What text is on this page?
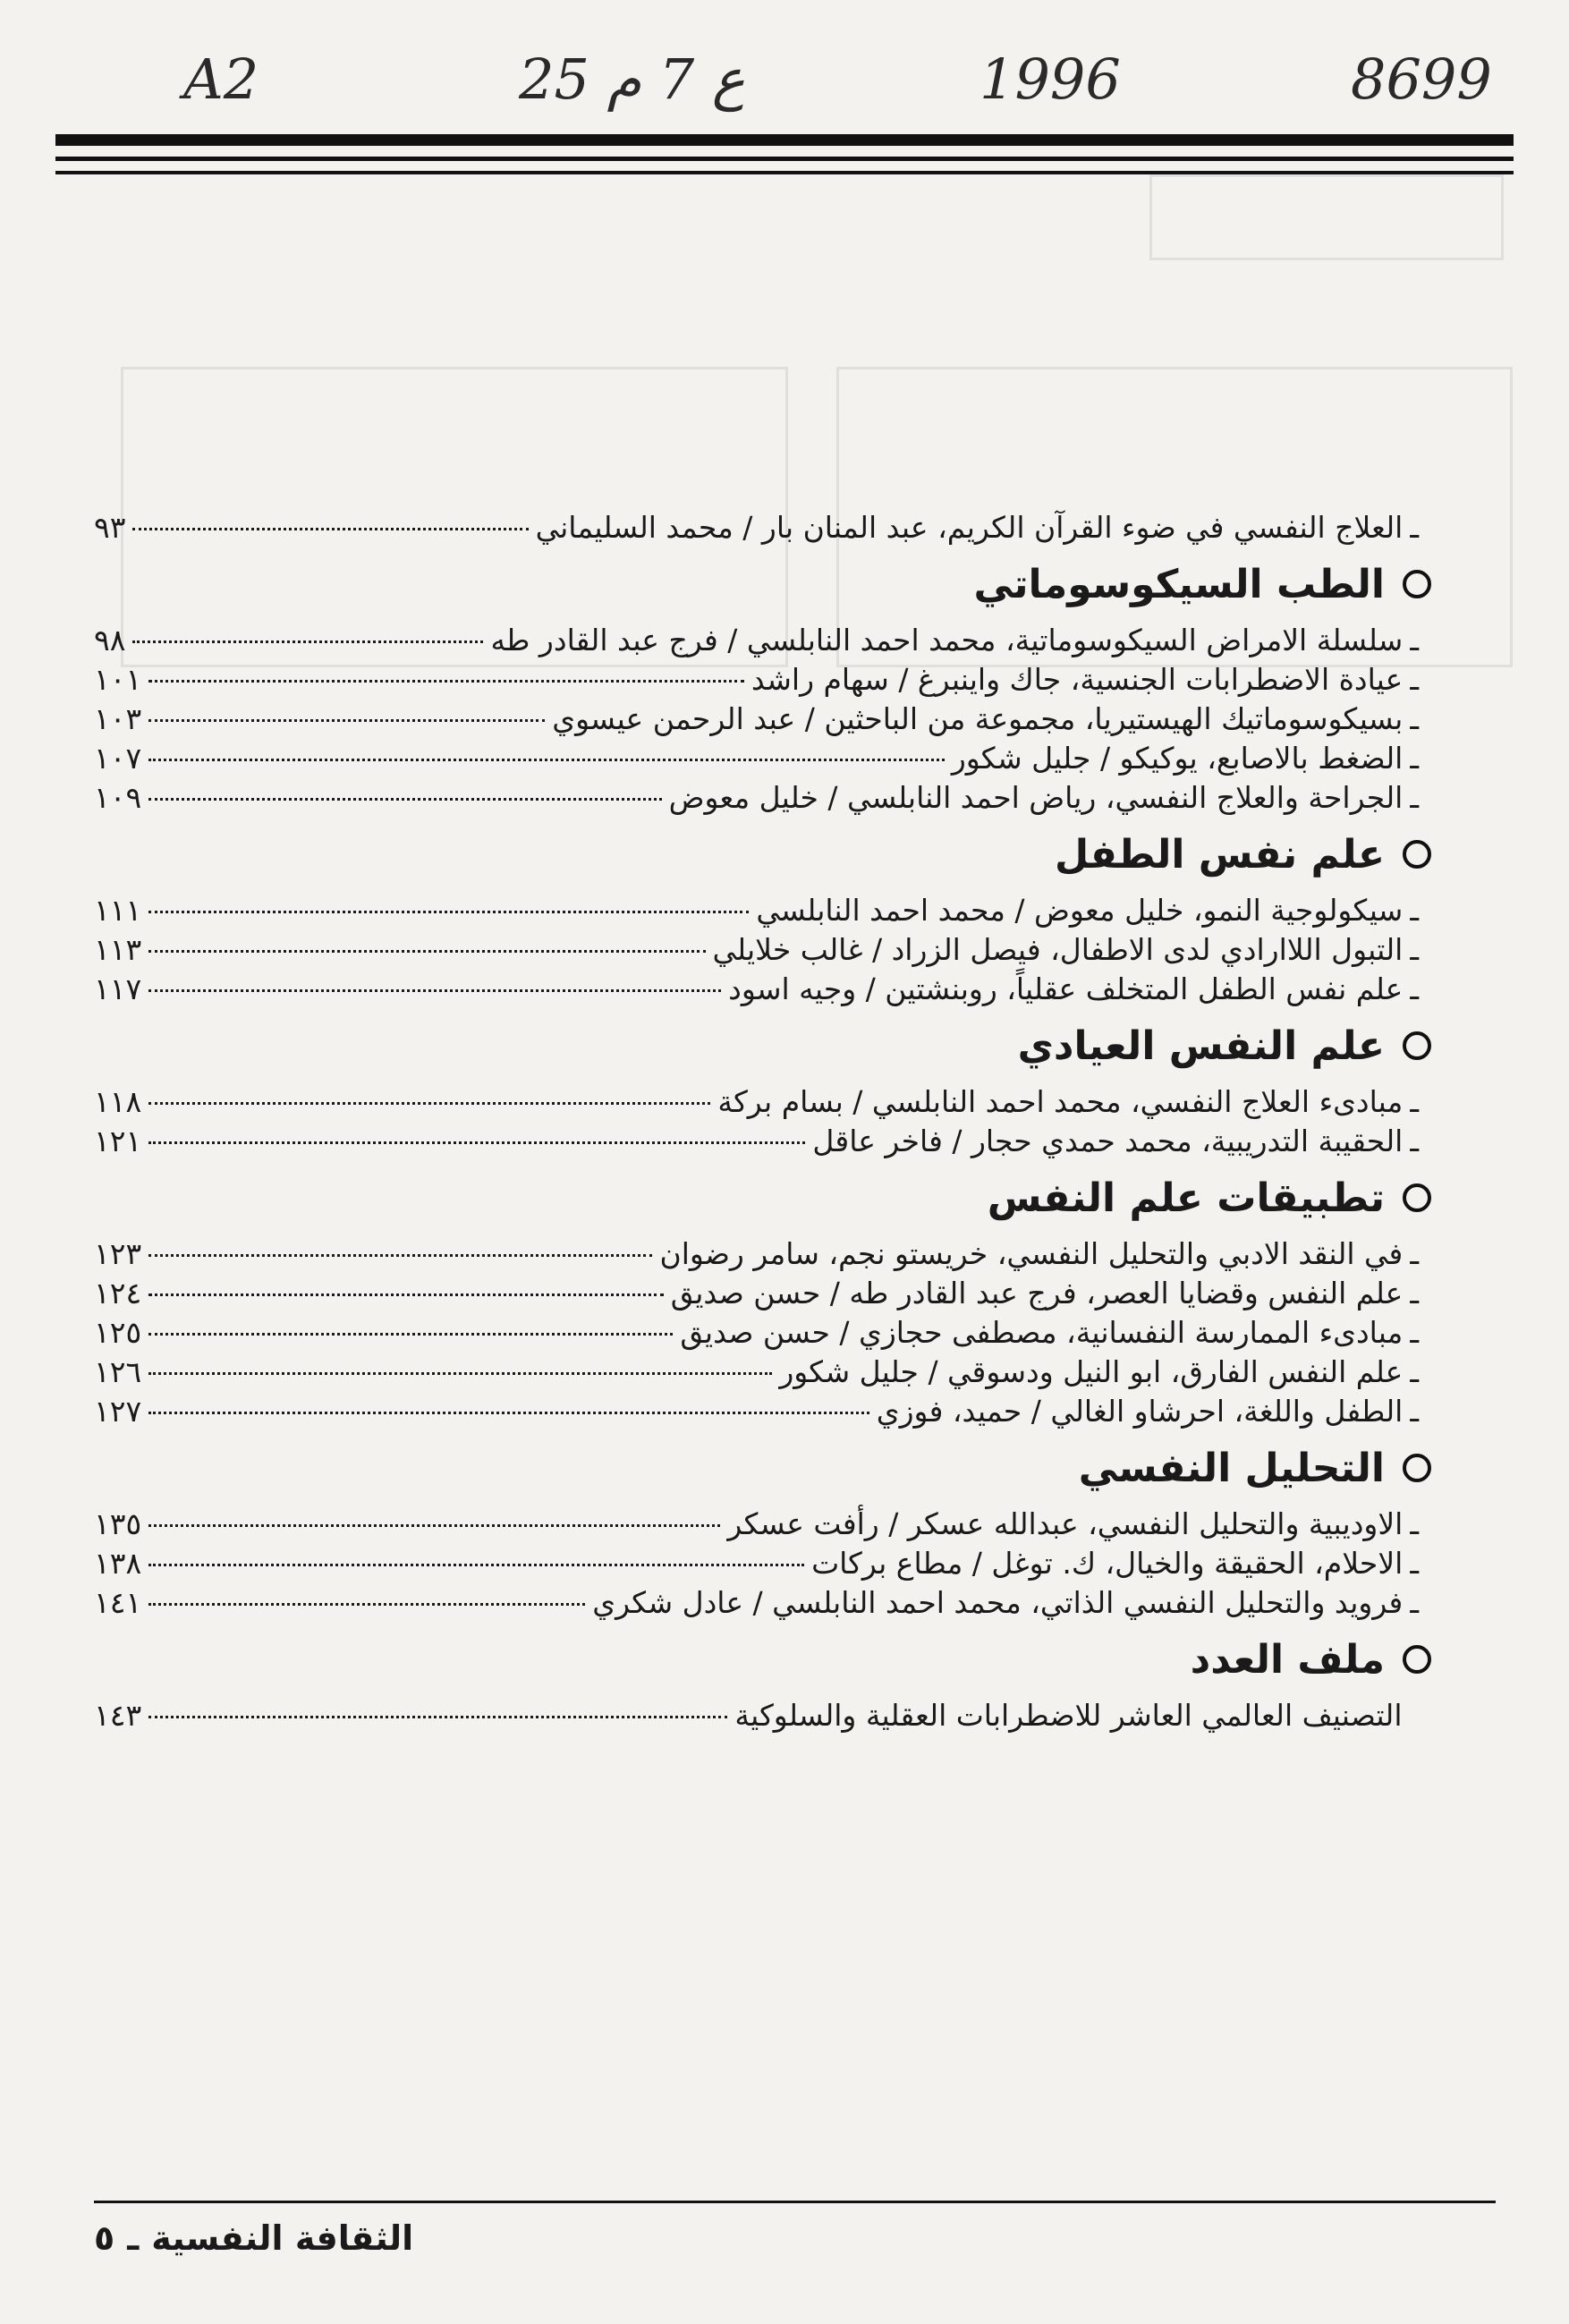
A2	25 ع 7 م	1996	8699
ـ
العلاج النفسي في ضوء القرآن الكريم، عبد المنان بار / محمد السليماني
٩٣
الطب السيكوسوماتي
ـ
سلسلة الامراض السيكوسوماتية، محمد احمد النابلسي / فرج عبد القادر طه
٩٨
ـ
عيادة الاضطرابات الجنسية، جاك واينبرغ / سهام راشد
١٠١
ـ
بسيكوسوماتيك الهيستيريا، مجموعة من الباحثين / عبد الرحمن عيسوي
١٠٣
ـ
الضغط بالاصابع، يوكيكو / جليل شكور
١٠٧
ـ
الجراحة والعلاج النفسي، رياض احمد النابلسي / خليل معوض
١٠٩
علم نفس الطفل
ـ
سيكولوجية النمو، خليل معوض / محمد احمد النابلسي
١١١
ـ
التبول اللاارادي لدى الاطفال، فيصل الزراد / غالب خلايلي
١١٣
ـ
علم نفس الطفل المتخلف عقلياً، روبنشتين / وجيه اسود
١١٧
علم النفس العيادي
ـ
مبادىء العلاج النفسي، محمد احمد النابلسي / بسام بركة
١١٨
ـ
الحقيبة التدريبية، محمد حمدي حجار / فاخر عاقل
١٢١
تطبيقات علم النفس
ـ
في النقد الادبي والتحليل النفسي، خريستو نجم، سامر رضوان
١٢٣
ـ
علم النفس وقضايا العصر، فرج عبد القادر طه / حسن صديق
١٢٤
ـ
مبادىء الممارسة النفسانية، مصطفى حجازي / حسن صديق
١٢٥
ـ
علم النفس الفارق، ابو النيل ودسوقي / جليل شكور
١٢٦
ـ
الطفل واللغة، احرشاو الغالي / حميد، فوزي
١٢٧
التحليل النفسي
ـ
الاوديبية والتحليل النفسي، عبدالله عسكر / رأفت عسكر
١٣٥
ـ
الاحلام، الحقيقة والخيال، ك. توغل / مطاع بركات
١٣٨
ـ
فرويد والتحليل النفسي الذاتي، محمد احمد النابلسي / عادل شكري
١٤١
ملف العدد

التصنيف العالمي العاشر للاضطرابات العقلية والسلوكية
١٤٣
الثقافة النفسيةـ٥
